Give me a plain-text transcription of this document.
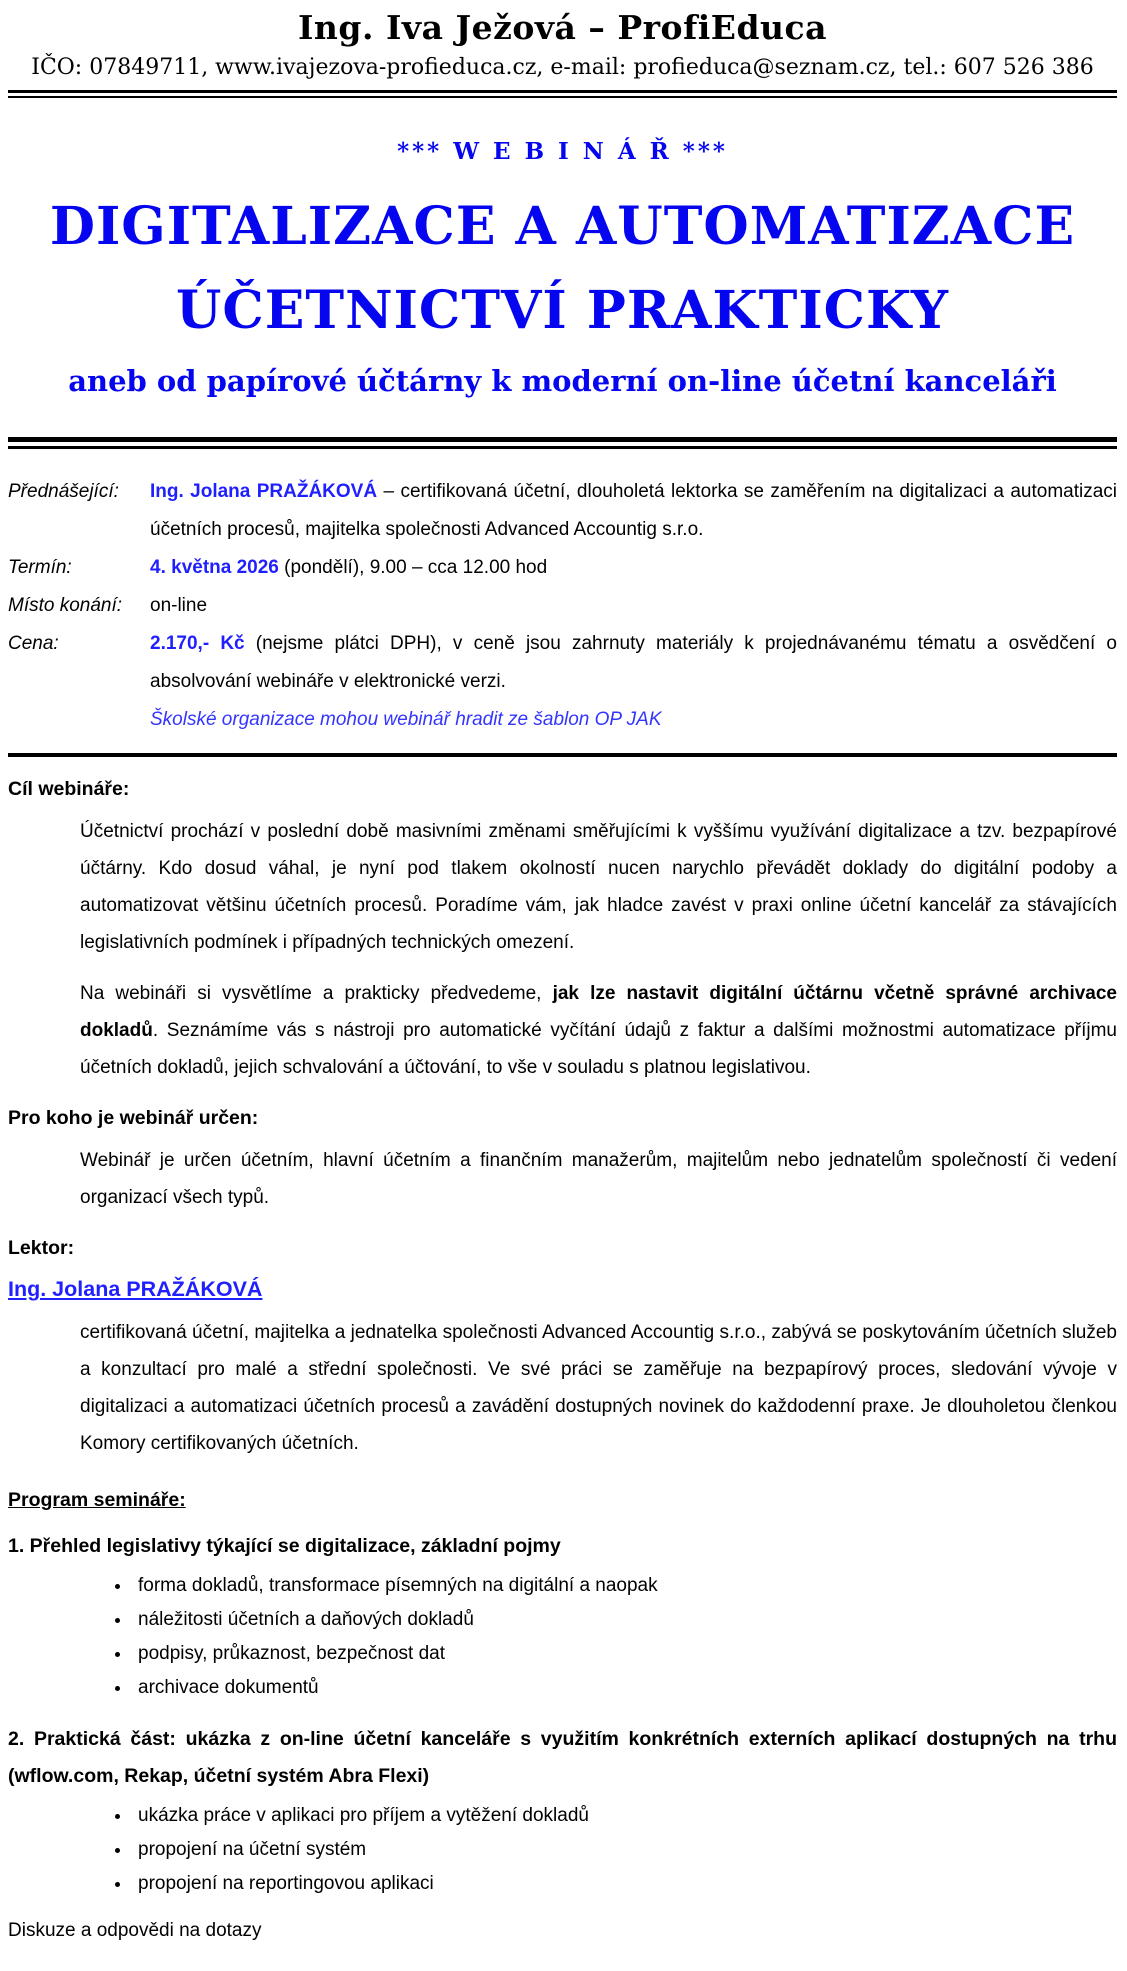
Ing. Iva Ježová – ProfiEduca
IČO: 07849711, www.ivajezova-profieduca.cz, e-mail: profieduca@seznam.cz, tel.: 607 526 386
*** W E B I N Á Ř ***
DIGITALIZACE A AUTOMATIZACE
ÚČETNICTVÍ PRAKTICKY
aneb od papírové účtárny k moderní on-line účetní kanceláři
Přednášející:	Ing. Jolana PRAŽÁKOVÁ – certifikovaná účetní, dlouholetá lektorka se zaměřením na digitalizaci a automatizaci účetních procesů, majitelka společnosti Advanced Accountig s.r.o.
Termín:	4. května 2026 (pondělí), 9.00 – cca 12.00 hod
Místo konání:	on-line
Cena:	2.170,- Kč (nejsme plátci DPH), v ceně jsou zahrnuty materiály k projednávanému tématu a osvědčení o absolvování webináře v elektronické verzi.
Školské organizace mohou webinář hradit ze šablon OP JAK
Cíl webináře:

Účetnictví prochází v poslední době masivními změnami směřujícími k vyššímu využívání digitalizace a tzv. bezpapírové účtárny. Kdo dosud váhal, je nyní pod tlakem okolností nucen narychlo převádět doklady do digitální podoby a automatizovat většinu účetních procesů. Poradíme vám, jak hladce zavést v praxi online účetní kancelář za stávajících legislativních podmínek i případných technických omezení.

Na webináři si vysvětlíme a prakticky předvedeme, jak lze nastavit digitální účtárnu včetně správné archivace dokladů. Seznámíme vás s nástroji pro automatické vyčítání údajů z faktur a dalšími možnostmi automatizace příjmu účetních dokladů, jejich schvalování a účtování, to vše v souladu s platnou legislativou.

Pro koho je webinář určen:

Webinář je určen účetním, hlavní účetním a finančním manažerům, majitelům nebo jednatelům společností či vedení organizací všech typů.

Lektor:
Ing. Jolana PRAŽÁKOVÁ

certifikovaná účetní, majitelka a jednatelka společnosti Advanced Accountig s.r.o., zabývá se poskytováním účetních služeb a konzultací pro malé a střední společnosti. Ve své práci se zaměřuje na bezpapírový proces, sledování vývoje v digitalizaci a automatizaci účetních procesů a zavádění dostupných novinek do každodenní praxe. Je dlouholetou členkou Komory certifikovaných účetních.

Program semináře:
1. Přehled legislativy týkající se digitalizace, základní pojmy
• forma dokladů, transformace písemných na digitální a naopak
• náležitosti účetních a daňových dokladů
• podpisy, průkaznost, bezpečnost dat
• archivace dokumentů
2. Praktická část: ukázka z on-line účetní kanceláře s využitím konkrétních externích aplikací dostupných na trhu (wflow.com, Rekap, účetní systém Abra Flexi)
• ukázka práce v aplikaci pro příjem a vytěžení dokladů
• propojení na účetní systém
• propojení na reportingovou aplikaci
Diskuze a odpovědi na dotazy
